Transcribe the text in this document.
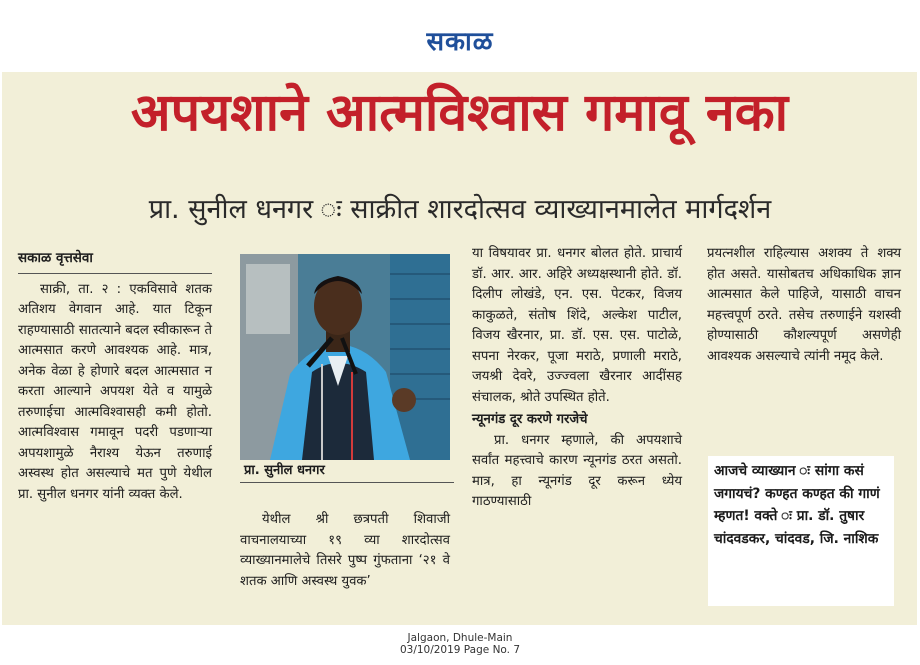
सकाळ
अपयशाने आत्मविश्वास गमावू नका
प्रा. सुनील धनगर ः साक्रीत शारदोत्सव व्याख्यानमालेत मार्गदर्शन
सकाळ वृत्तसेवा

साक्री, ता. २ : एकविसावे शतक अतिशय वेगवान आहे. यात टिकून राहण्यासाठी सातत्याने बदल स्वीकारून ते आत्मसात करणे आवश्यक आहे. मात्र, अनेक वेळा हे होणारे बदल आत्मसात न करता आल्याने अपयश येते व यामुळे तरुणाईचा आत्मविश्वासही कमी होतो. आत्मविश्वास गमावून पदरी पडणाऱ्या अपयशामुळे नैराश्य येऊन तरुणाई अस्वस्थ होत असल्याचे मत पुणे येथील प्रा. सुनील धनगर यांनी व्यक्त केले.

प्रा. सुनील धनगर

येथील श्री छत्रपती शिवाजी वाचनालयाच्या १९ व्या शारदोत्सव व्याख्यानमालेचे तिसरे पुष्प गुंफताना ‘२१ वे शतक आणि अस्वस्थ युवक’

या विषयावर प्रा. धनगर बोलत होते. प्राचार्य डॉ. आर. आर. अहिरे अध्यक्षस्थानी होते. डॉ. दिलीप लोखंडे, एन. एस. पेटकर, विजय काकुळते, संतोष शिंदे, अल्केश पाटील, विजय खैरनार, प्रा. डॉ. एस. एस. पाटोळे, सपना नेरकर, पूजा मराठे, प्रणाली मराठे, जयश्री देवरे, उज्ज्वला खैरनार आदींसह संचालक, श्रोते उपस्थित होते.

न्यूनगंड दूर करणे गरजेचे

प्रा. धनगर म्हणाले, की अपयशाचे सर्वांत महत्त्वाचे कारण न्यूनगंड ठरत असतो. मात्र, हा न्यूनगंड दूर करून ध्येय गाठण्यासाठी

प्रयत्नशील राहिल्यास अशक्य ते शक्य होत असते. यासोबतच अधिकाधिक ज्ञान आत्मसात केले पाहिजे, यासाठी वाचन महत्त्वपूर्ण ठरते. तसेच तरुणाईने यशस्वी होण्यासाठी कौशल्यपूर्ण असणेही आवश्यक असल्याचे त्यांनी नमूद केले.

आजचे व्याख्यान ः सांगा कसं जगायचं? कण्हत कण्हत की गाणं म्हणत! वक्ते ः प्रा. डॉ. तुषार चांदवडकर, चांदवड, जि. नाशिक
Jalgaon, Dhule-Main
03/10/2019 Page No. 7
